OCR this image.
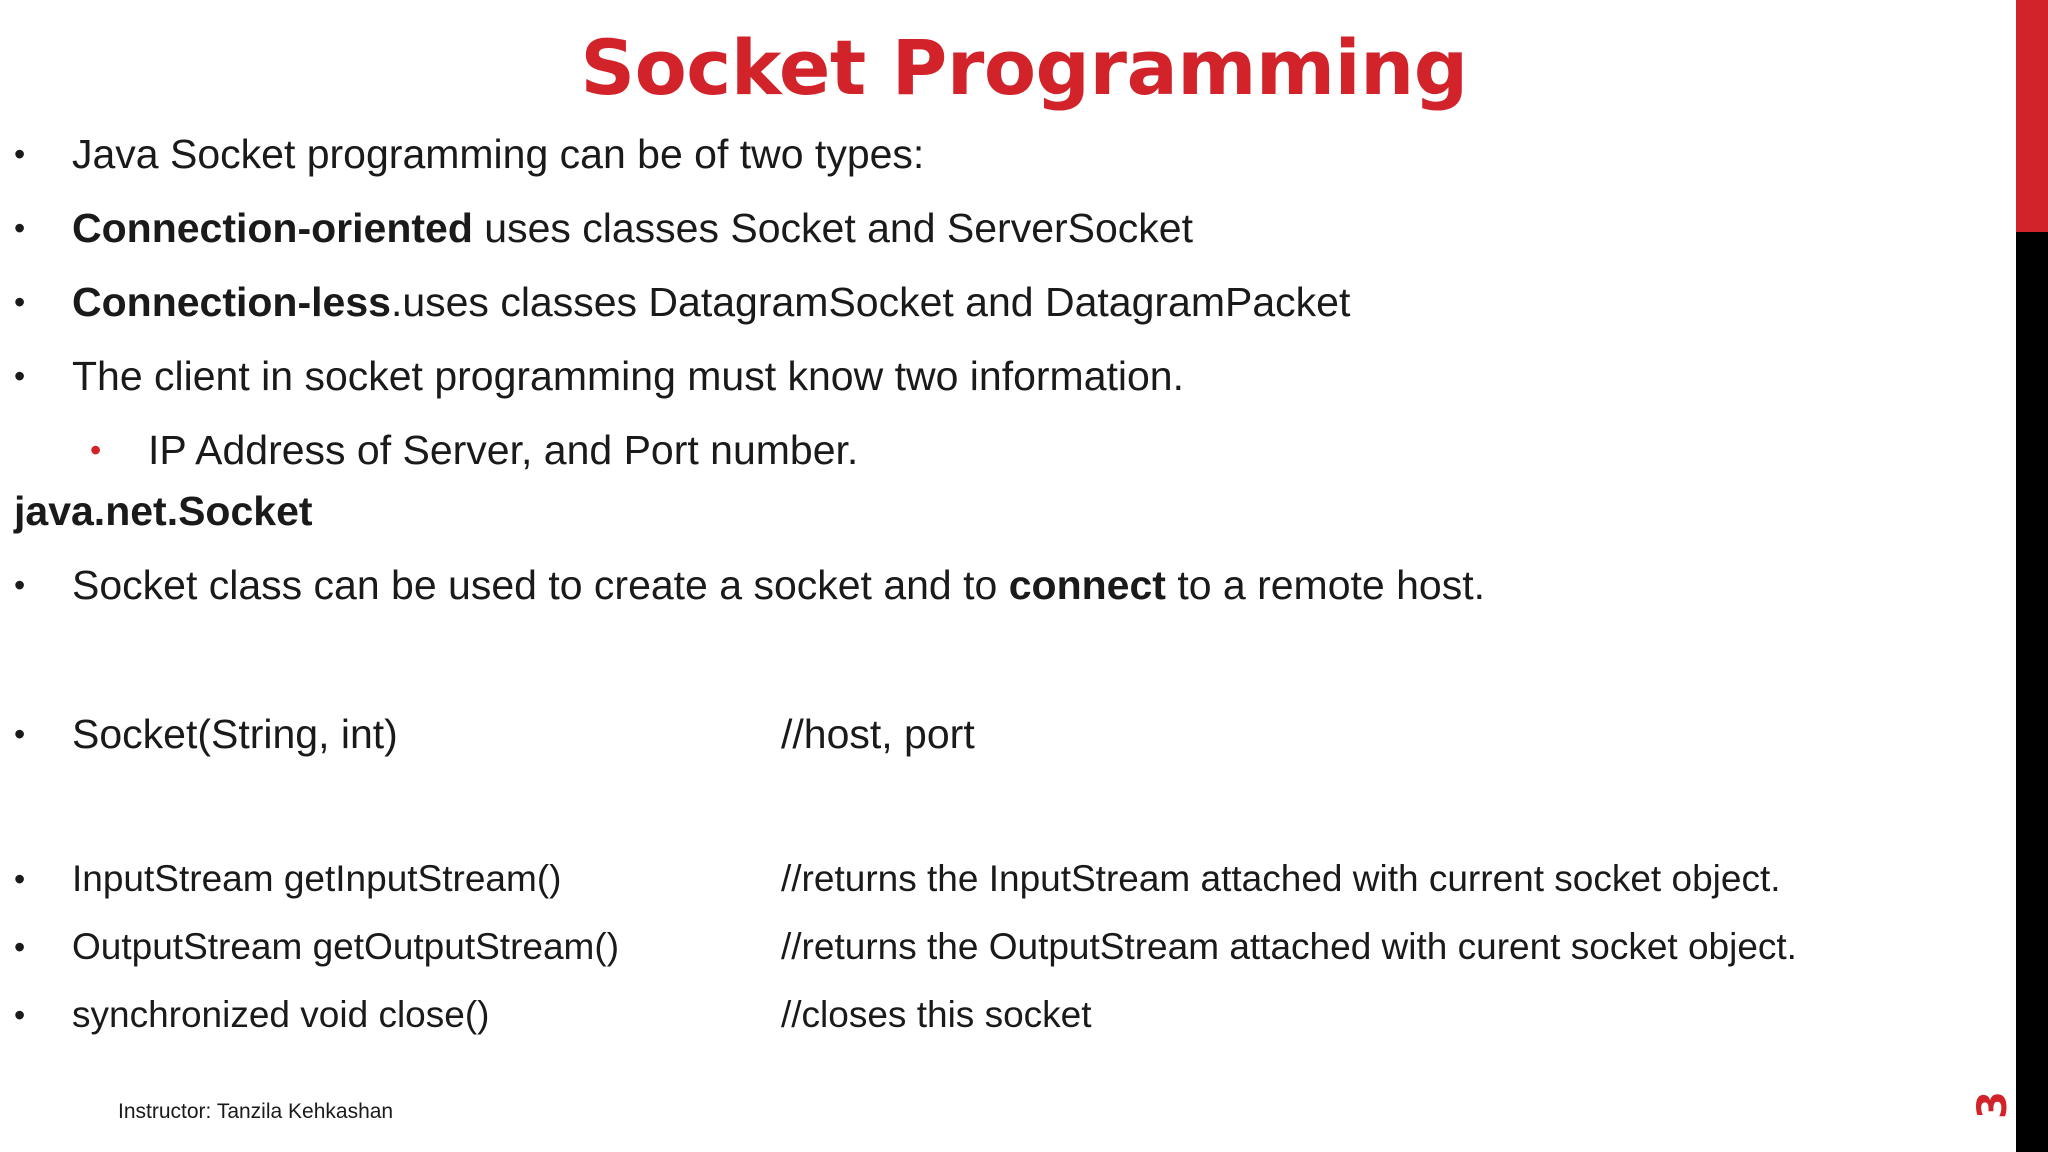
Socket Programming
• Java Socket programming can be of two types:
• Connection-oriented uses classes Socket and ServerSocket
• Connection-less.uses classes DatagramSocket and DatagramPacket
• The client in socket programming must know two information.
• IP Address of Server, and Port number.
java.net.Socket
• Socket class can be used to create a socket and to connect to a remote host.
• Socket(String, int)	//host, port
• InputStream getInputStream()	//returns the InputStream attached with current socket object.
• OutputStream getOutputStream()	//returns the OutputStream attached with curent socket object.
• synchronized void close()	//closes this socket
Instructor: Tanzila Kehkashan	3
